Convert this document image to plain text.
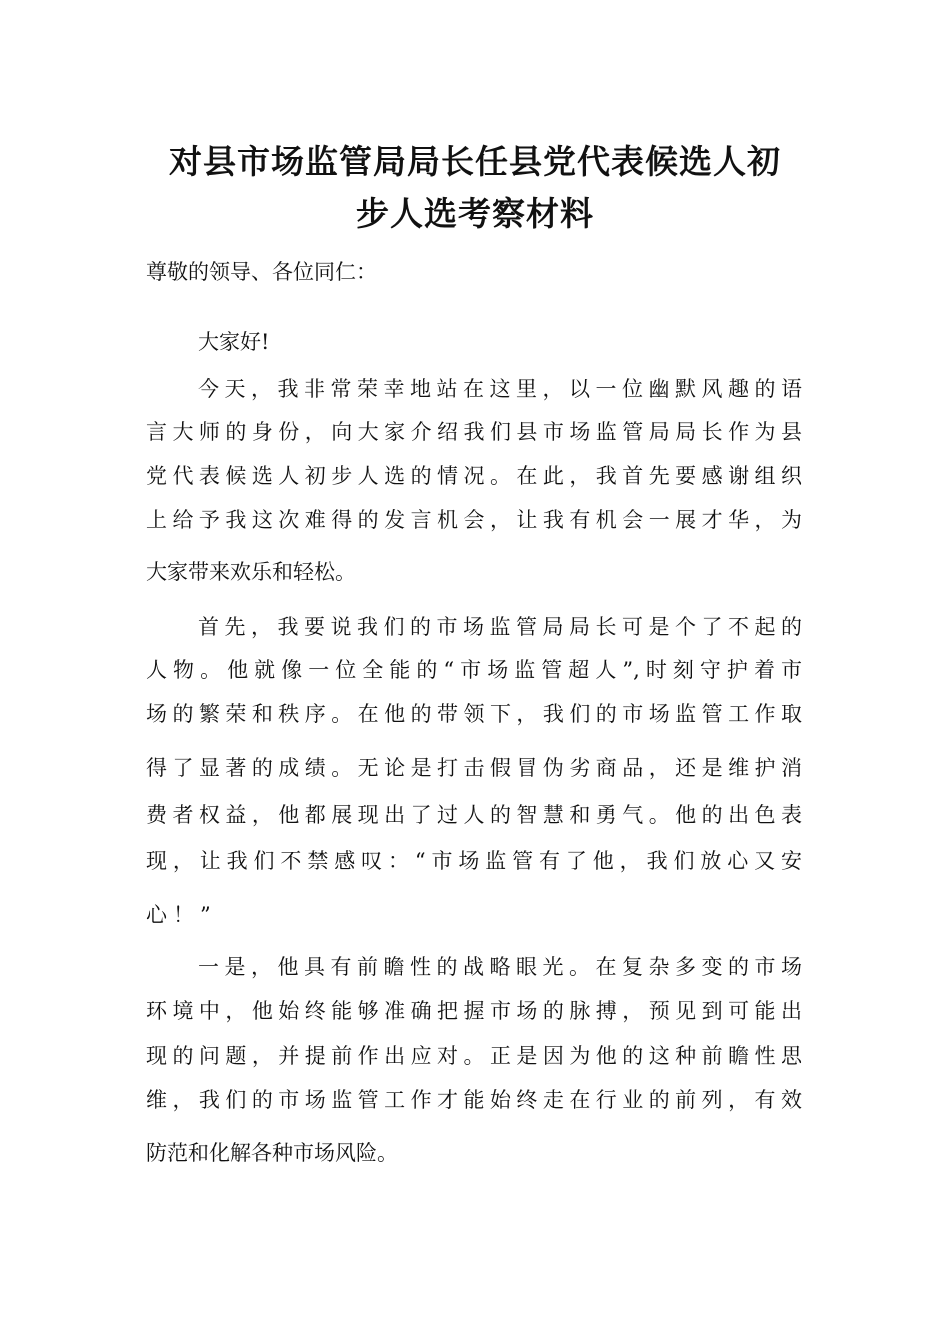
对县市场监管局局长任县党代表候选人初
步人选考察材料
尊敬的领导、各位同仁：
大家好!
今天，我非常荣幸地站在这里，以一位幽默风趣的语
言大师的身份，向大家介绍我们县市场监管局局长作为县
党代表候选人初步人选的情况。在此，我首先要感谢组织
上给予我这次难得的发言机会，让我有机会一展才华，为
大家带来欢乐和轻松。
首先，我要说我们的市场监管局局长可是个了不起的
人物。他就像一位全能的“市场监管超人”,时刻守护着市
场的繁荣和秩序。在他的带领下，我们的市场监管工作取
得了显著的成绩。无论是打击假冒伪劣商品，还是维护消
费者权益，他都展现出了过人的智慧和勇气。他的出色表
现，让我们不禁感叹：“市场监管有了他，我们放心又安
心！”
一是，他具有前瞻性的战略眼光。在复杂多变的市场
环境中，他始终能够准确把握市场的脉搏，预见到可能出
现的问题，并提前作出应对。正是因为他的这种前瞻性思
维，我们的市场监管工作才能始终走在行业的前列，有效
防范和化解各种市场风险。
